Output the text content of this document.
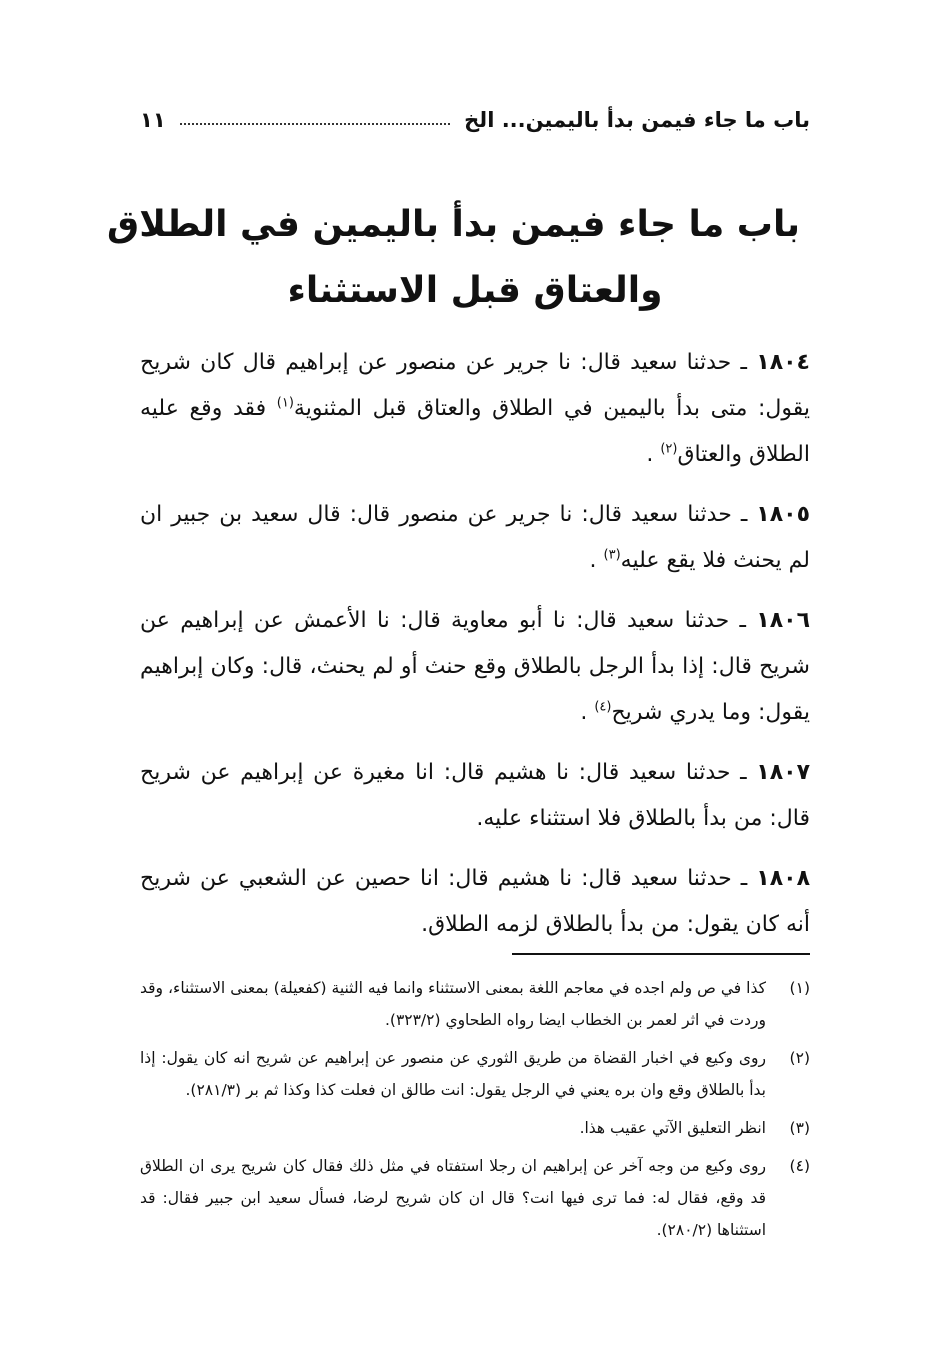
باب ما جاء فيمن بدأ باليمين... الخ
١١
باب ما جاء فيمن بدأ باليمين في الطلاق
والعتاق قبل الاستثناء

١٨٠٤ ـ حدثنا سعيد قال: نا جرير عن منصور عن إبراهيم قال كان شريح يقول: متى بدأ باليمين في الطلاق والعتاق قبل المثنوية$^{(١)}$ فقد وقع عليه الطلاق والعتاق$^{(٢)}$ .

١٨٠٥ ـ حدثنا سعيد قال: نا جرير عن منصور قال: قال سعيد بن جبير ان لم يحنث فلا يقع عليه$^{(٣)}$ .

١٨٠٦ ـ حدثنا سعيد قال: نا أبو معاوية قال: نا الأعمش عن إبراهيم عن شريح قال: إذا بدأ الرجل بالطلاق وقع حنث أو لم يحنث، قال: وكان إبراهيم يقول: وما يدري شريح$^{(٤)}$ .

١٨٠٧ ـ حدثنا سعيد قال: نا هشيم قال: انا مغيرة عن إبراهيم عن شريح قال: من بدأ بالطلاق فلا استثناء عليه.

١٨٠٨ ـ حدثنا سعيد قال: نا هشيم قال: انا حصين عن الشعبي عن شريح أنه كان يقول: من بدأ بالطلاق لزمه الطلاق.

(١)
كذا في ص ولم اجده في معاجم اللغة بمعنى الاستثناء وانما فيه الثنية (كفعيلة) بمعنى الاستثناء، وقد وردت في اثر لعمر بن الخطاب ايضا رواه الطحاوي (٣٢٣/٢).
(٢)
روى وكيع في اخبار القضاة من طريق الثوري عن منصور عن إبراهيم عن شريح انه كان يقول: إذا بدأ بالطلاق وقع وان بره يعني في الرجل يقول: انت طالق ان فعلت كذا وكذا ثم بر (٢٨١/٣).
(٣)
انظر التعليق الآتي عقيب هذا.
(٤)
روى وكيع من وجه آخر عن إبراهيم ان رجلا استفتاه في مثل ذلك فقال كان شريح يرى ان الطلاق قد وقع، فقال له: فما ترى فيها انت؟ قال ان كان شريح لرضا، فسأل سعيد ابن جبير فقال: قد استثناها (٢٨٠/٢).
